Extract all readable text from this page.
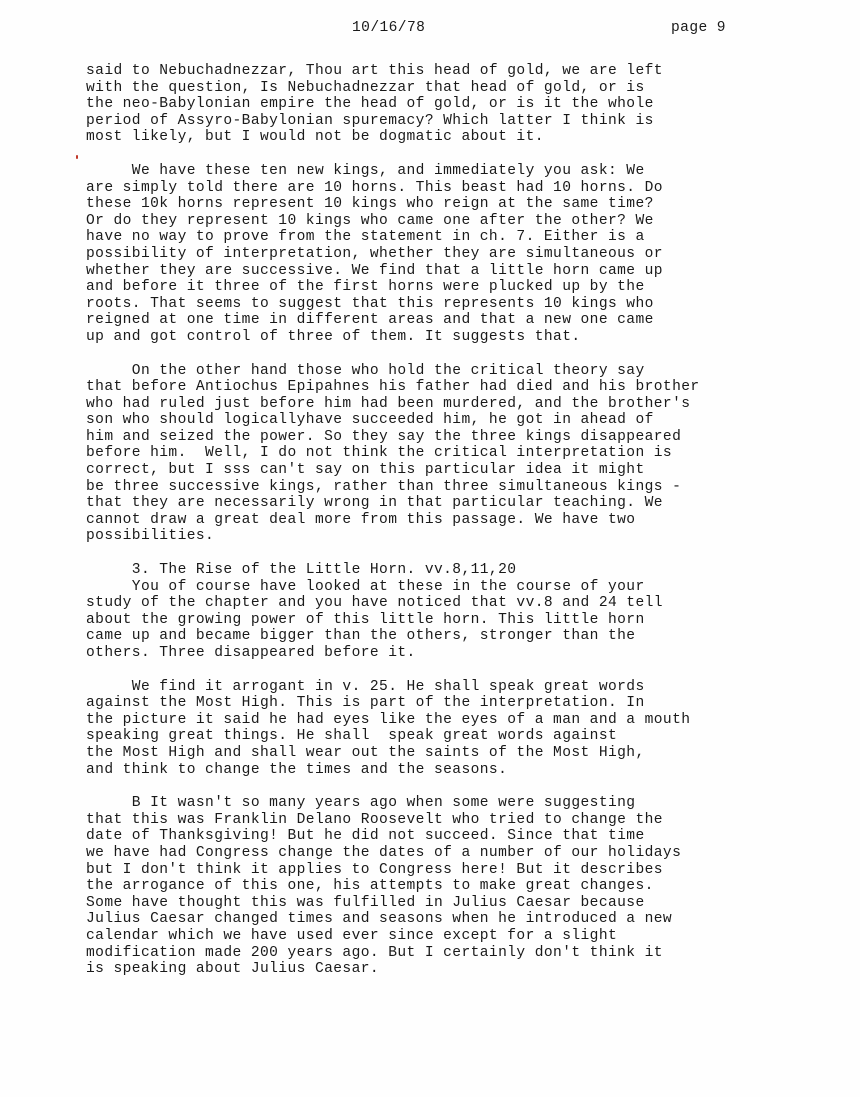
10/16/78	page 9
said to Nebuchadnezzar, Thou art this head of gold, we are left
with the question, Is Nebuchadnezzar that head of gold, or is
the neo-Babylonian empire the head of gold, or is it the whole
period of Assyro-Babylonian spuremacy? Which latter I think is
most likely, but I would not be dogmatic about it.
We have these ten new kings, and immediately you ask: We
are simply told there are 10 horns. This beast had 10 horns. Do
these 10k horns represent 10 kings who reign at the same time?
Or do they represent 10 kings who came one after the other? We
have no way to prove from the statement in ch. 7. Either is a
possibility of interpretation, whether they are simultaneous or
whether they are successive. We find that a little horn came up
and before it three of the first horns were plucked up by the
roots. That seems to suggest that this represents 10 kings who
reigned at one time in different areas and that a new one came
up and got control of three of them. It suggests that.
On the other hand those who hold the critical theory say
that before Antiochus Epipahnes his father had died and his brother
who had ruled just before him had been murdered, and the brother's
son who should logicallyhave succeeded him, he got in ahead of
him and seized the power. So they say the three kings disappeared
before him.  Well, I do not think the critical interpretation is
correct, but I sss can't say on this particular idea it might
be three successive kings, rather than three simultaneous kings -
that they are necessarily wrong in that particular teaching. We
cannot draw a great deal more from this passage. We have two
possibilities.
3. The Rise of the Little Horn. vv.8,11,20
You of course have looked at these in the course of your
study of the chapter and you have noticed that vv.8 and 24 tell
about the growing power of this little horn. This little horn
came up and became bigger than the others, stronger than the
others. Three disappeared before it.
We find it arrogant in v. 25. He shall speak great words
against the Most High. This is part of the interpretation. In
the picture it said he had eyes like the eyes of a man and a mouth
speaking great things. He shall  speak great words against
the Most High and shall wear out the saints of the Most High,
and think to change the times and the seasons.
B It wasn't so many years ago when some were suggesting
that this was Franklin Delano Roosevelt who tried to change the
date of Thanksgiving! But he did not succeed. Since that time
we have had Congress change the dates of a number of our holidays
but I don't think it applies to Congress here! But it describes
the arrogance of this one, his attempts to make great changes.
Some have thought this was fulfilled in Julius Caesar because
Julius Caesar changed times and seasons when he introduced a new
calendar which we have used ever since except for a slight
modification made 200 years ago. But I certainly don't think it
is speaking about Julius Caesar.
